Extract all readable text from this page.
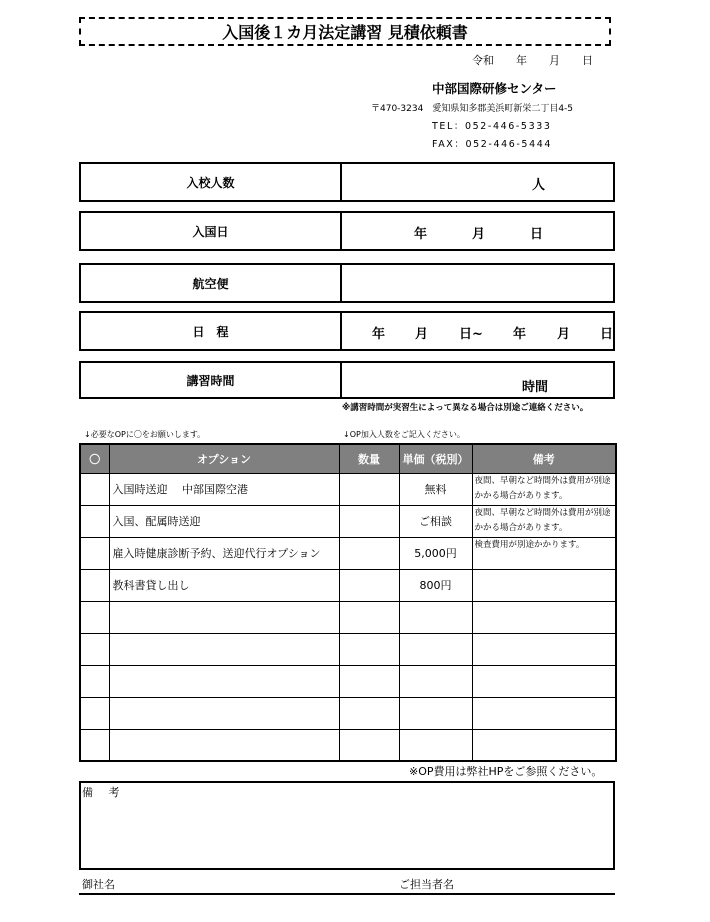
入国後１カ月法定講習 見積依頼書
令和　　年　　月　　日
中部国際研修センター
〒470-3234　愛知県知多郡美浜町新栄二丁目4-5
TEL：052-446-5333
FAX：052-446-5444
入校人数	人
入国日	年	月	日
航空便
日　程	年 月 日~ 年 月 日
講習時間	時間
※講習時間が実習生によって異なる場合は別途ご連絡ください。
↓必要なOPに〇をお願いします。	↓OP加入人数をご記入ください。
〇	オプション	数量	単価（税別）	備考
	入国時送迎　 中部国際空港		無料	夜間、早朝など時間外は費用が別途かかる場合があります。
	入国、配属時送迎		ご相談	夜間、早朝など時間外は費用が別途かかる場合があります。
	雇入時健康診断予約、送迎代行オプション		5,000円	検査費用が別途かかります。
	教科書貸し出し		800円	

※OP費用は弊社HPをご参照ください。
備 考
御社名	ご担当者名
